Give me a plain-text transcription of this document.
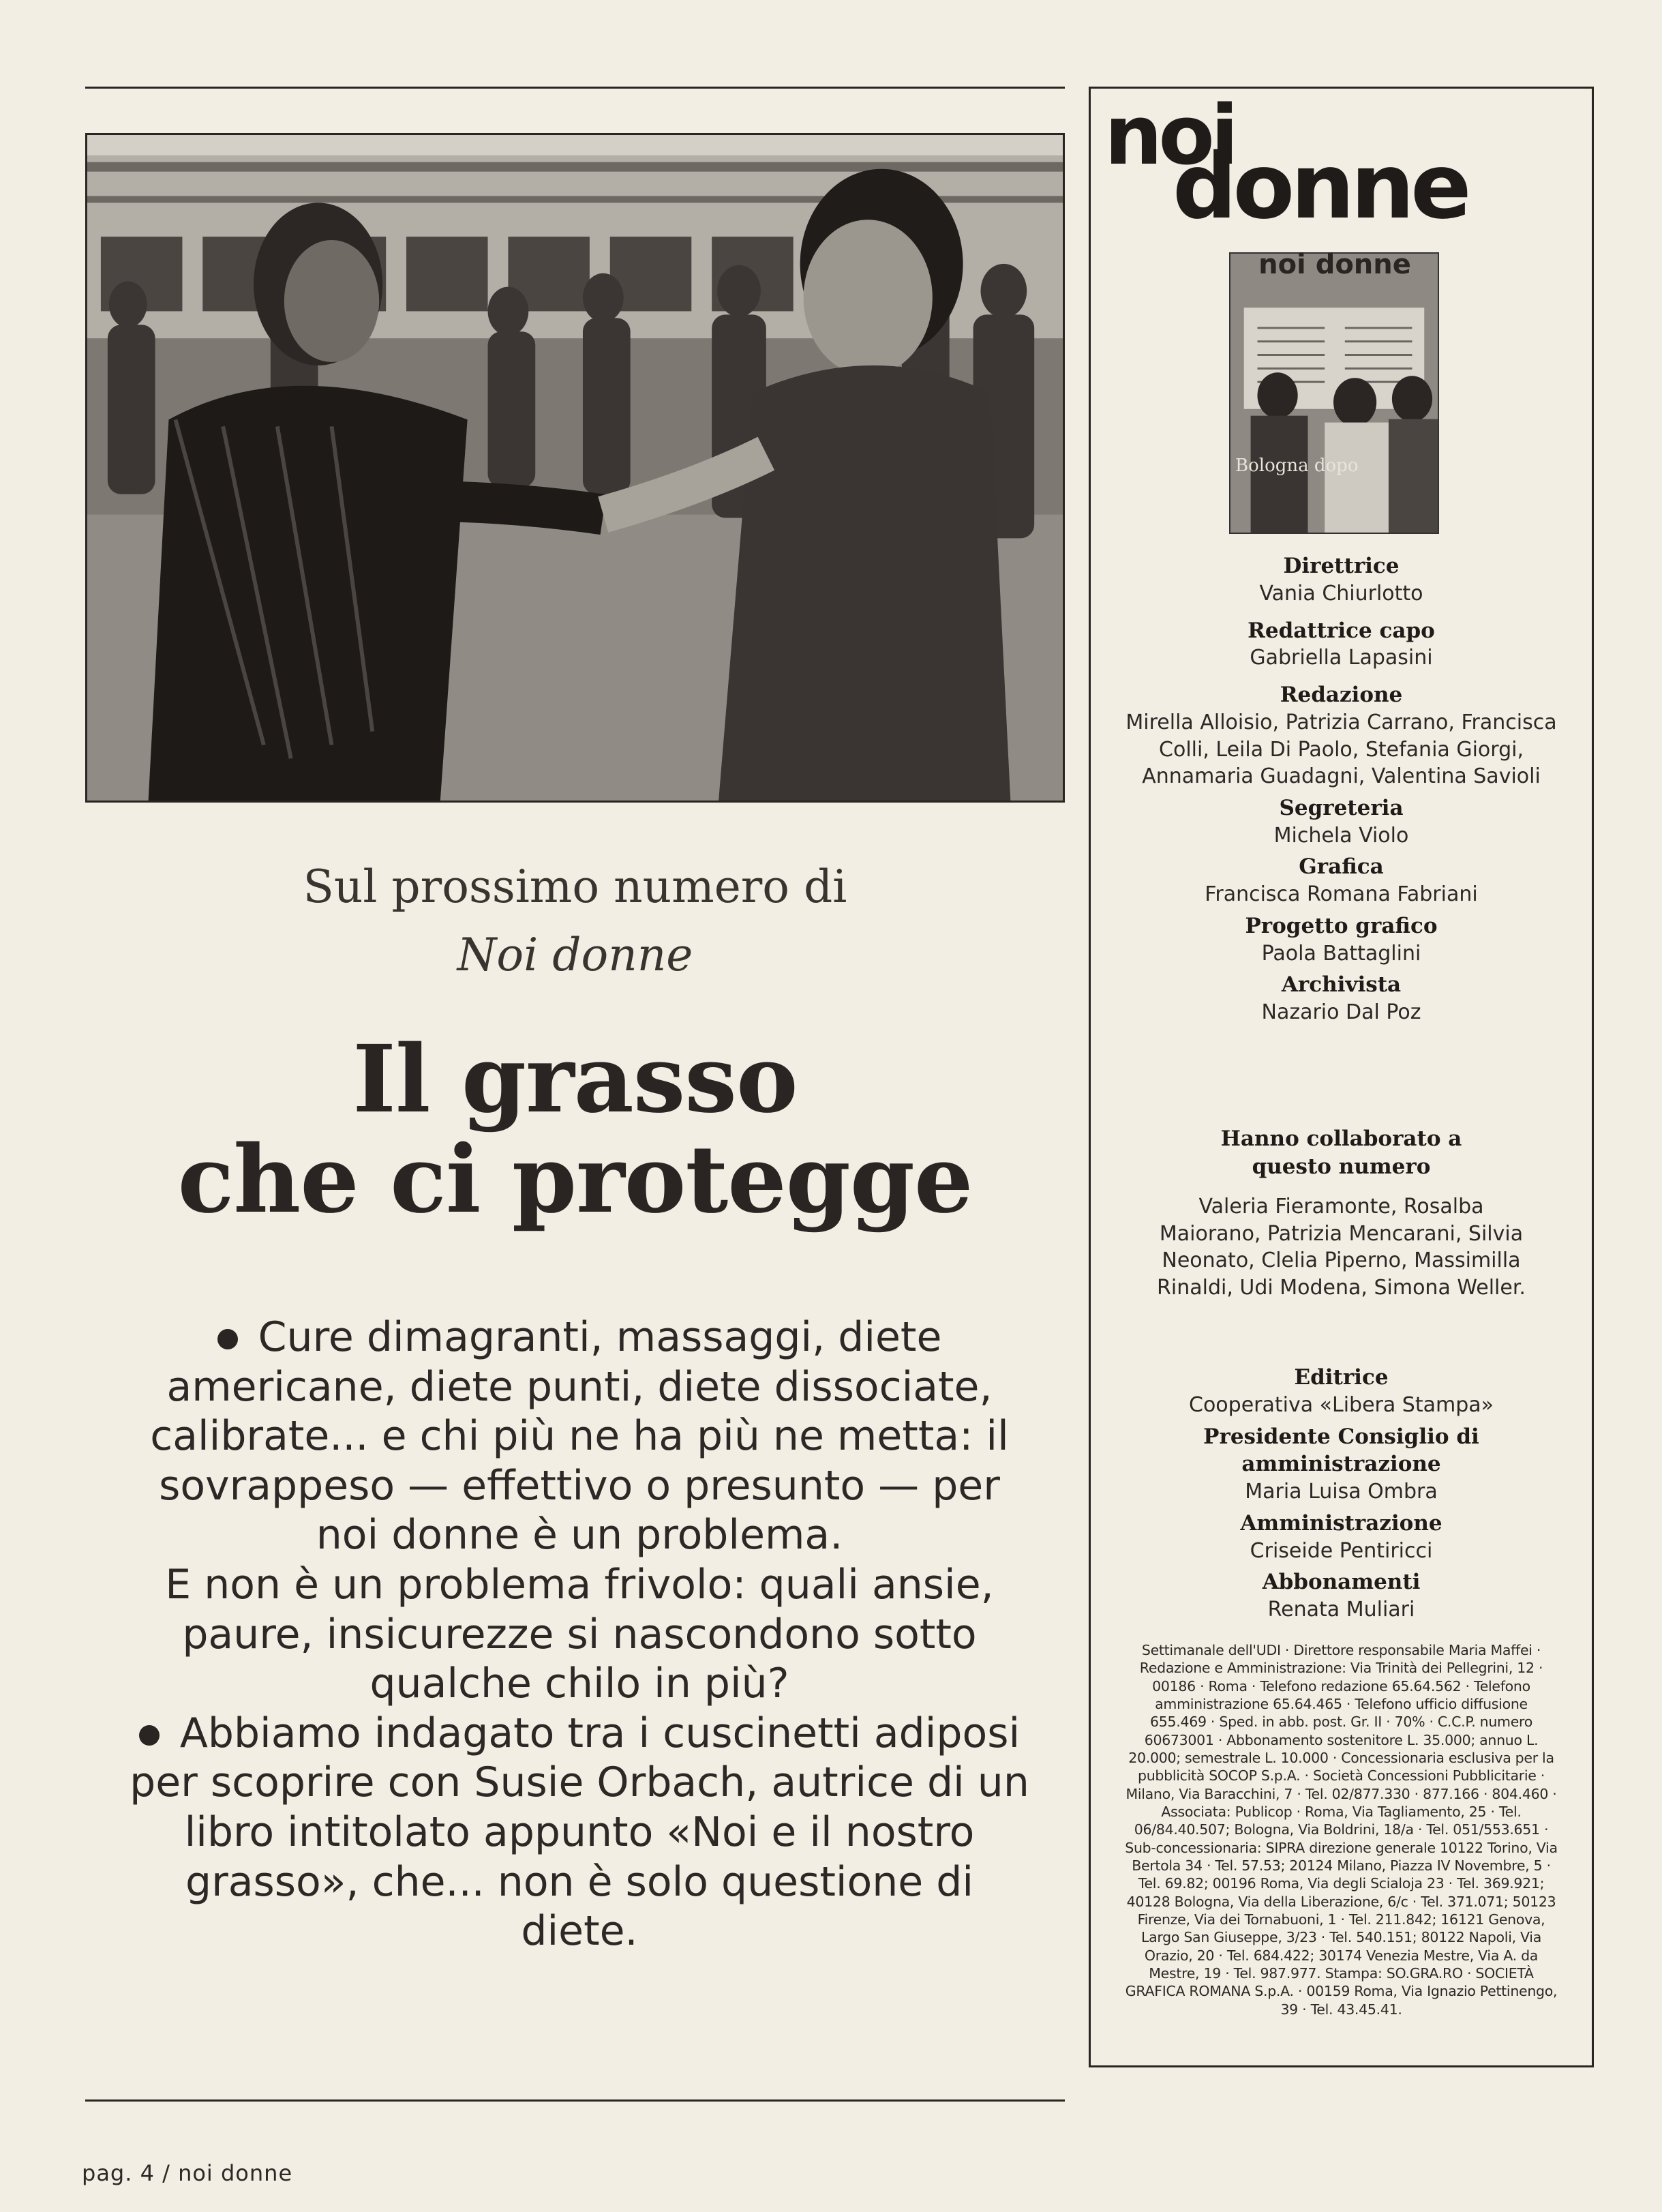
Sul prossimo numero di
Noi donne
Il grasso
che ci protegge

Cure dimagranti, massaggi, diete americane, diete punti, diete dissociate, calibrate... e chi più ne ha più ne metta: il sovrappeso — effettivo o presunto — per noi donne è un problema.

E non è un problema frivolo: quali ansie, paure, insicurezze si nascondono sotto qualche chilo in più?

Abbiamo indagato tra i cuscinetti adiposi per scoprire con Susie Orbach, autrice di un libro intitolato appunto «Noi e il nostro grasso», che... non è solo questione di diete.

pag. 4 / noi donne
noi
donne
noi donne
Bologna dopo
Direttrice
Vania Chiurlotto
Redattrice capo
Gabriella Lapasini
Redazione
Mirella Alloisio, Patrizia Carrano, Francisca Colli, Leila Di Paolo, Stefania Giorgi, Annamaria Guadagni, Valentina Savioli
Segreteria
Michela Violo
Grafica
Francisca Romana Fabriani
Progetto grafico
Paola Battaglini
Archivista
Nazario Dal Poz
Hanno collaborato a questo numero
Valeria Fieramonte, Rosalba Maiorano, Patrizia Mencarani, Silvia Neonato, Clelia Piperno, Massimilla Rinaldi, Udi Modena, Simona Weller.
Editrice
Cooperativa «Libera Stampa»
Presidente Consiglio di amministrazione
Maria Luisa Ombra
Amministrazione
Criseide Pentiricci
Abbonamenti
Renata Muliari
Settimanale dell'UDI · Direttore responsabile Maria Maffei · Redazione e Amministrazione: Via Trinità dei Pellegrini, 12 · 00186 · Roma · Telefono redazione 65.64.562 · Telefono amministrazione 65.64.465 · Telefono ufficio diffusione 655.469 · Sped. in abb. post. Gr. II · 70% · C.C.P. numero 60673001 · Abbonamento sostenitore L. 35.000; annuo L. 20.000; semestrale L. 10.000 · Concessionaria esclusiva per la pubblicità SOCOP S.p.A. · Società Concessioni Pubblicitarie · Milano, Via Baracchini, 7 · Tel. 02/877.330 · 877.166 · 804.460 · Associata: Publicop · Roma, Via Tagliamento, 25 · Tel. 06/84.40.507; Bologna, Via Boldrini, 18/a · Tel. 051/553.651 · Sub-concessionaria: SIPRA direzione generale 10122 Torino, Via Bertola 34 · Tel. 57.53; 20124 Milano, Piazza IV Novembre, 5 · Tel. 69.82; 00196 Roma, Via degli Scialoja 23 · Tel. 369.921; 40128 Bologna, Via della Liberazione, 6/c · Tel. 371.071; 50123 Firenze, Via dei Tornabuoni, 1 · Tel. 211.842; 16121 Genova, Largo San Giuseppe, 3/23 · Tel. 540.151; 80122 Napoli, Via Orazio, 20 · Tel. 684.422; 30174 Venezia Mestre, Via A. da Mestre, 19 · Tel. 987.977. Stampa: SO.GRA.RO · SOCIETÀ GRAFICA ROMANA S.p.A. · 00159 Roma, Via Ignazio Pettinengo, 39 · Tel. 43.45.41.
